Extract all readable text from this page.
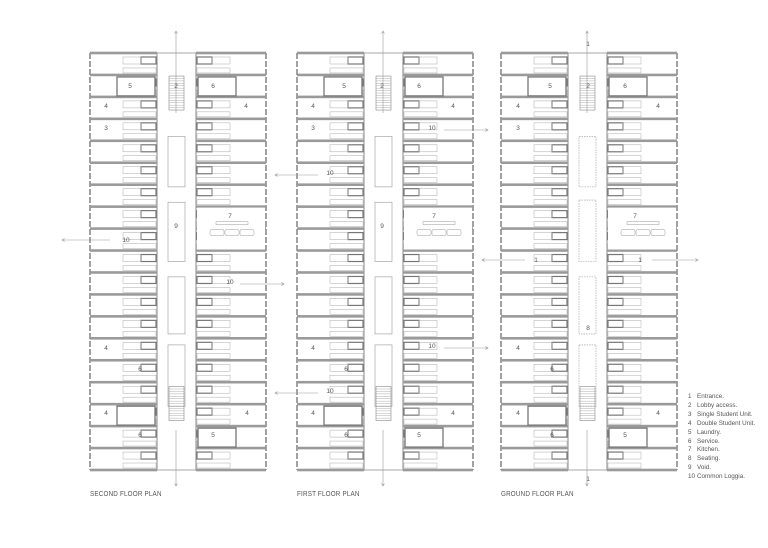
5	2	6
4	4
3
9
7
10
10
4
6
4	4
6	5
5	2	6
4	4
3	10
10
9
7
4	10
6
10
4	4
6	5
1
5	2	6
4	4
3
7
1	1
8
4
6
4	4
6	5
1
SECOND FLOOR PLAN	FIRST FLOOR PLAN	GROUND FLOOR PLAN
1 Entrance.
2 Lobby access.
3 Single Student Unit.
4 Double Student Unit.
5 Laundry.
6 Service.
7 Kitchen.
8 Seating.
9 Void.
10 Common Loggia.
